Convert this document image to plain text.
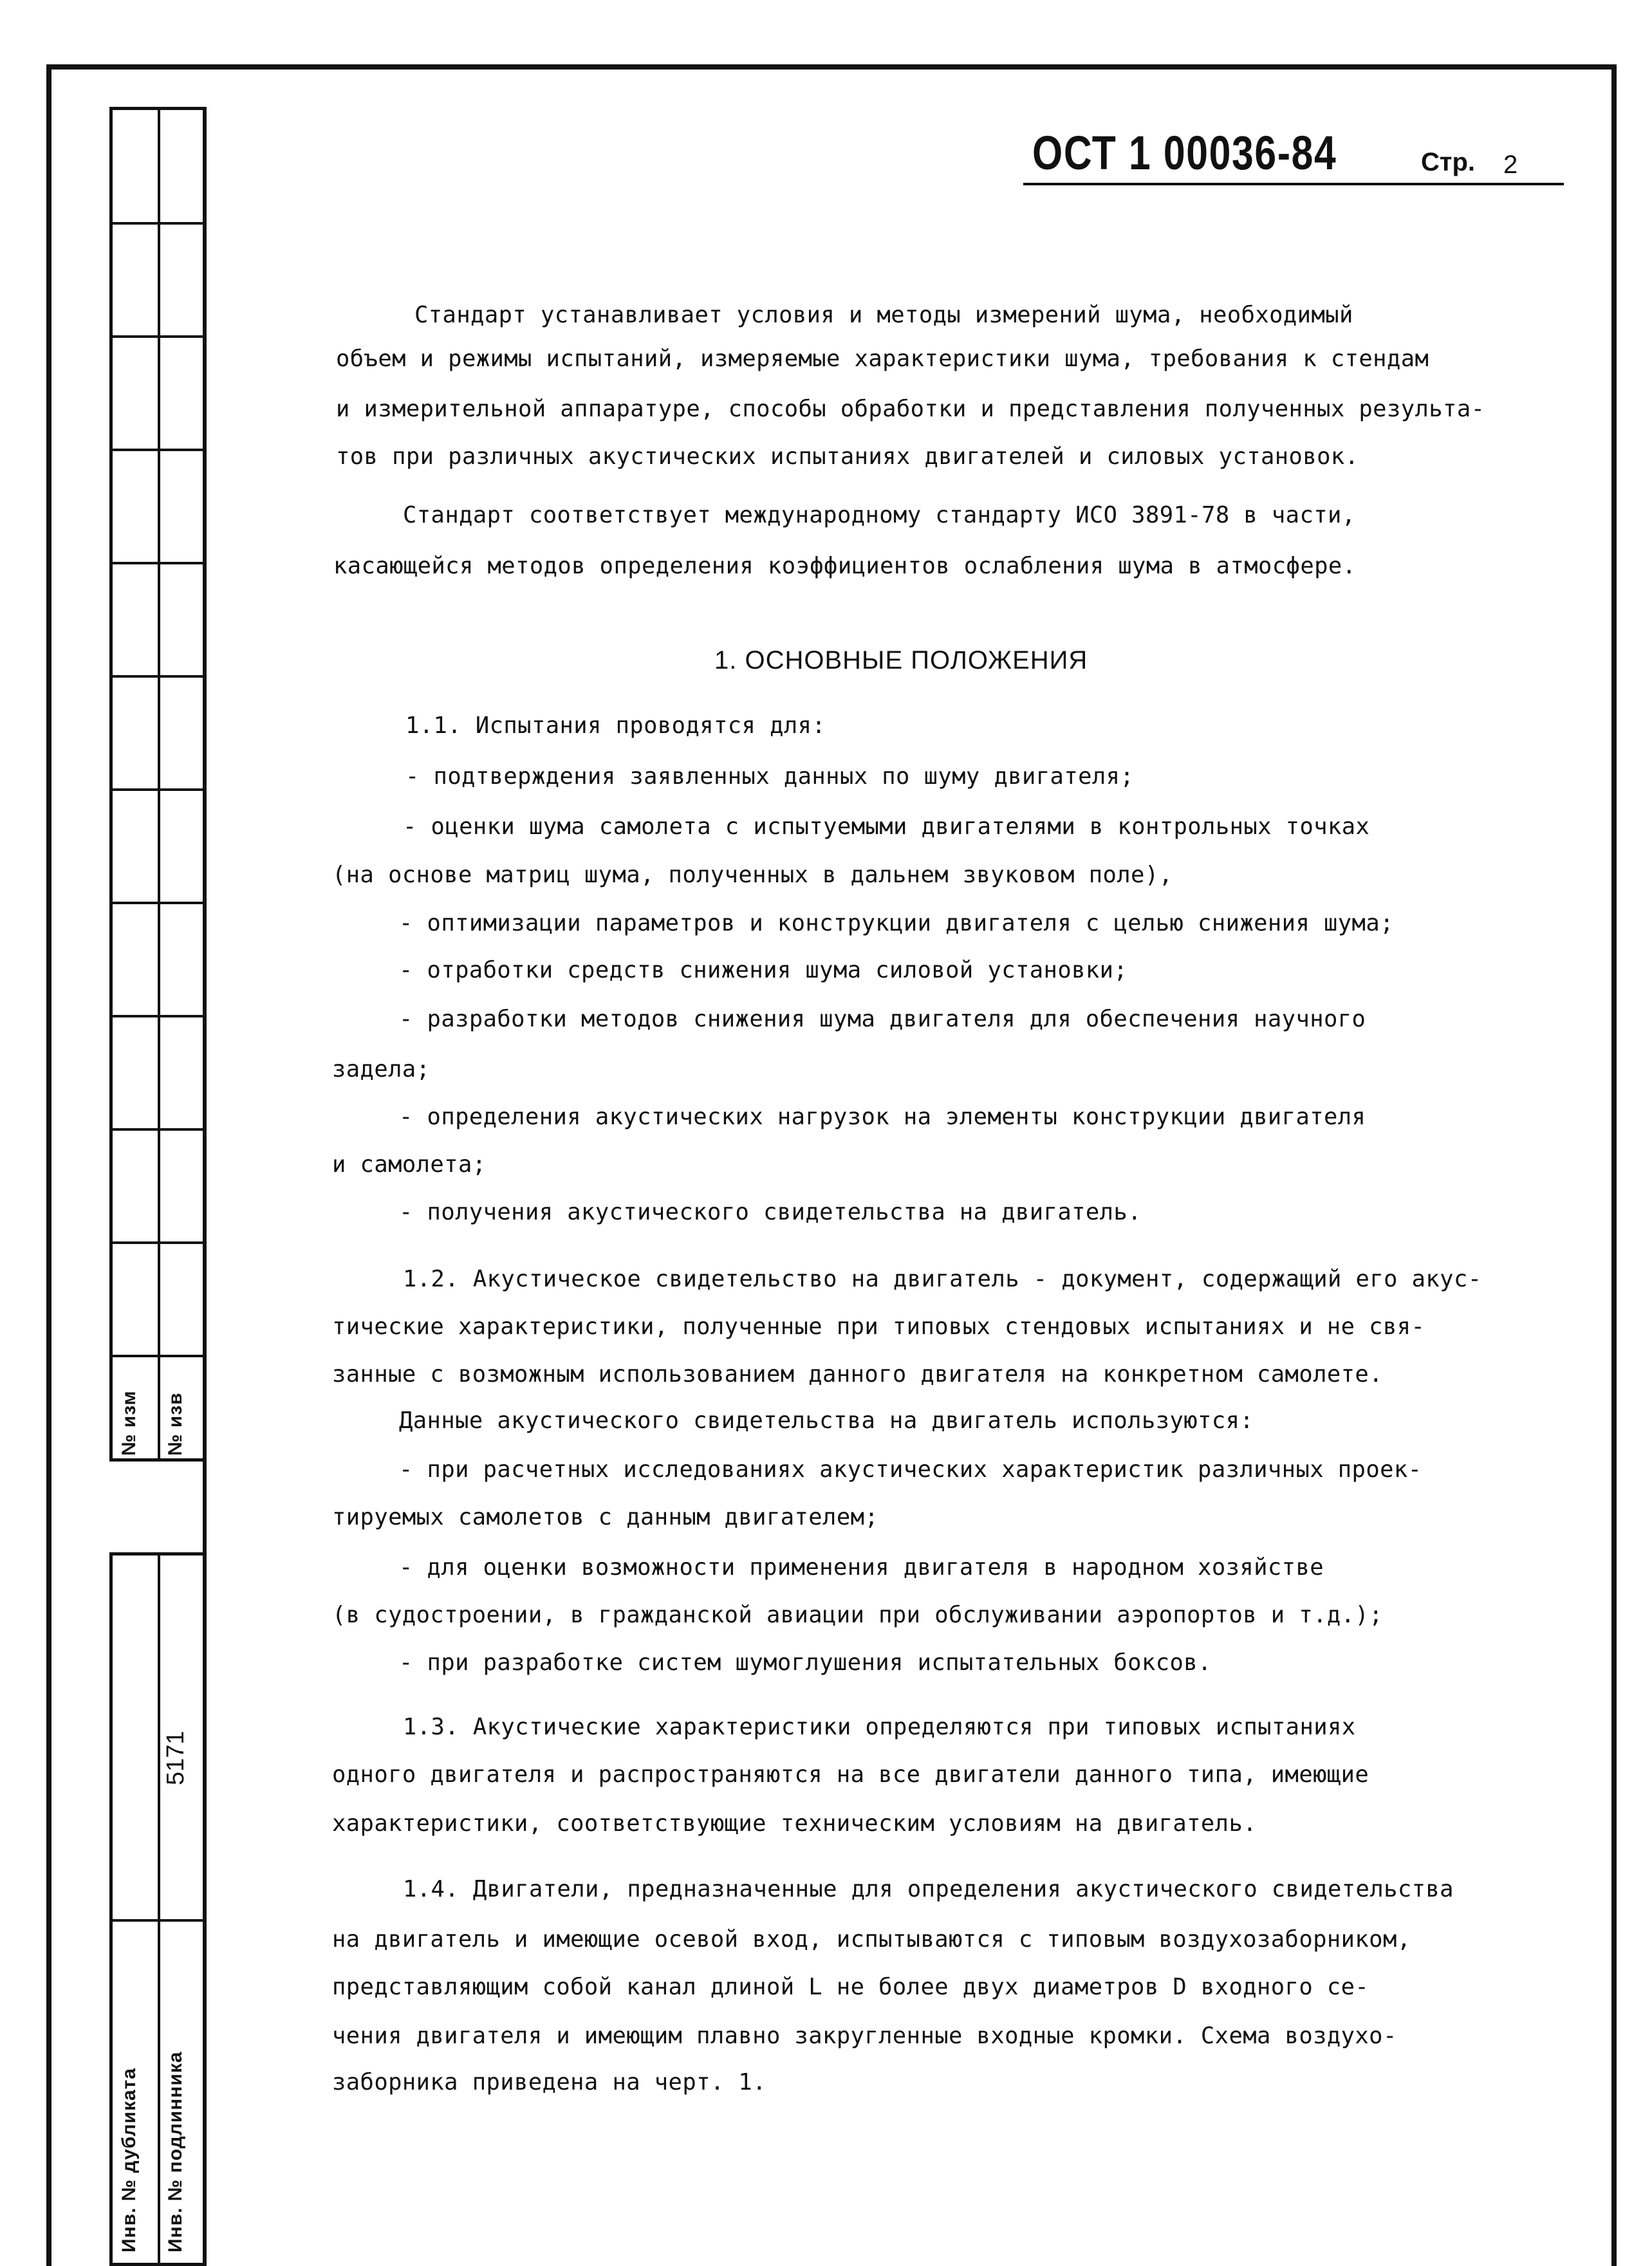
№ изм № изв
5171
Инв. № дубликата Инв. № подлинника
ОСТ 1 00036-84	Стр. 2
Стандарт устанавливает условия и методы измерений шума, необходимый
объем и режимы испытаний, измеряемые характеристики шума, требования к стендам
и измерительной аппаратуре, способы обработки и представления полученных результа-
тов при различных акустических испытаниях двигателей и силовых установок.
Стандарт соответствует международному стандарту ИСО 3891-78 в части,
касающейся методов определения коэффициентов ослабления шума в атмосфере.
1. ОСНОВНЫЕ ПОЛОЖЕНИЯ
1.1. Испытания проводятся для:
- подтверждения заявленных данных по шуму двигателя;
- оценки шума самолета с испытуемыми двигателями в контрольных точках
(на основе матриц шума, полученных в дальнем звуковом поле),
- оптимизации параметров и конструкции двигателя с целью снижения шума;
- отработки средств снижения шума силовой установки;
- разработки методов снижения шума двигателя для обеспечения научного
задела;
- определения акустических нагрузок на элементы конструкции двигателя
и самолета;
- получения акустического свидетельства на двигатель.
1.2. Акустическое свидетельство на двигатель - документ, содержащий его акус-
тические характеристики, полученные при типовых стендовых испытаниях и не свя-
занные с возможным использованием данного двигателя на конкретном самолете.
Данные акустического свидетельства на двигатель используются:
- при расчетных исследованиях акустических характеристик различных проек-
тируемых самолетов с данным двигателем;
- для оценки возможности применения двигателя в народном хозяйстве
(в судостроении, в гражданской авиации при обслуживании аэропортов и т.д.);
- при разработке систем шумоглушения испытательных боксов.
1.3. Акустические характеристики определяются при типовых испытаниях
одного двигателя и распространяются на все двигатели данного типа, имеющие
характеристики, соответствующие техническим условиям на двигатель.
1.4. Двигатели, предназначенные для определения акустического свидетельства
на двигатель и имеющие осевой вход, испытываются с типовым воздухозаборником,
представляющим собой канал длиной L не более двух диаметров D входного се-
чения двигателя и имеющим плавно закругленные входные кромки. Схема воздухо-
заборника приведена на черт. 1.
